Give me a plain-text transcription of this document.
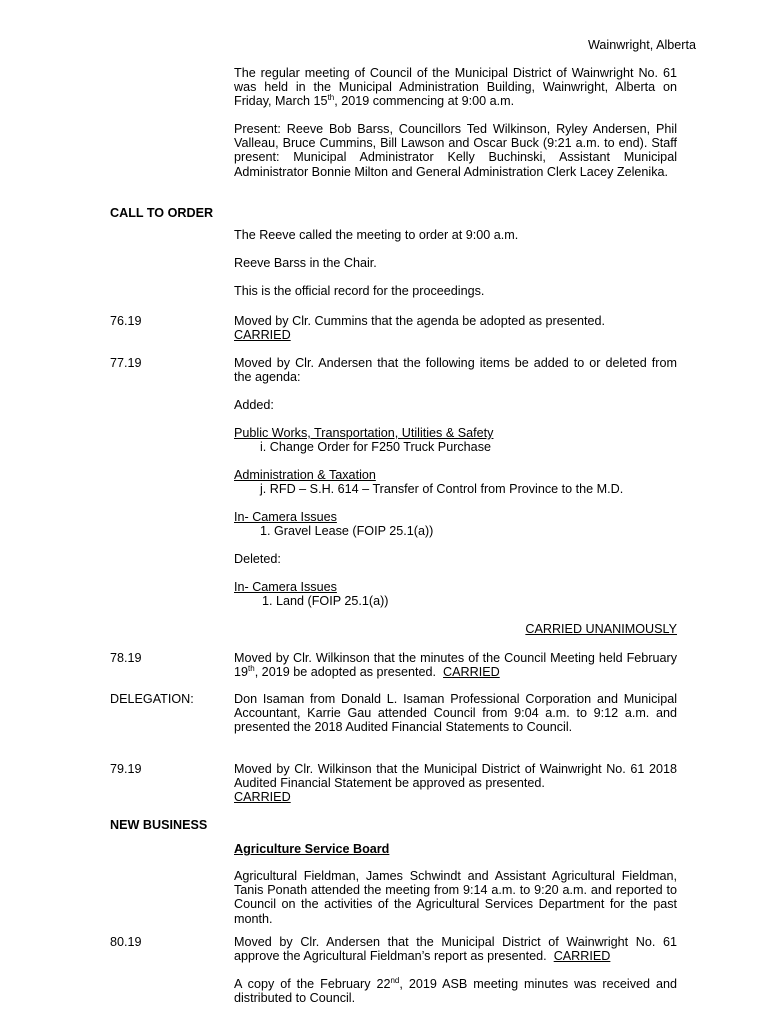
Wainwright, Alberta

The regular meeting of Council of the Municipal District of Wainwright No. 61 was held in the Municipal Administration Building, Wainwright, Alberta on Friday, March 15th, 2019 commencing at 9:00 a.m.

Present: Reeve Bob Barss, Councillors Ted Wilkinson, Ryley Andersen, Phil Valleau, Bruce Cummins, Bill Lawson and Oscar Buck (9:21 a.m. to end). Staff present: Municipal Administrator Kelly Buchinski, Assistant Municipal Administrator Bonnie Milton and General Administration Clerk Lacey Zelenika.

CALL TO ORDER
The Reeve called the meeting to order at 9:00 a.m.
Reeve Barss in the Chair.
This is the official record for the proceedings.
76.19	Moved by Clr. Cummins that the agenda be adopted as presented.
CARRIED

77.19	Moved by Clr. Andersen that the following items be added to or deleted from the agenda:

Added:
Public Works, Transportation, Utilities & Safety
i. Change Order for F250 Truck Purchase
Administration & Taxation
j. RFD – S.H. 614 – Transfer of Control from Province to the M.D.
In- Camera Issues
1. Gravel Lease (FOIP 25.1(a))
Deleted:
In- Camera Issues
1. Land (FOIP 25.1(a))
CARRIED UNANIMOUSLY
78.19	Moved by Clr. Wilkinson that the minutes of the Council Meeting held February 19th, 2019 be adopted as presented. CARRIED

DELEGATION:	Don Isaman from Donald L. Isaman Professional Corporation and Municipal Accountant, Karrie Gau attended Council from 9:04 a.m. to 9:12 a.m. and presented the 2018 Audited Financial Statements to Council.

79.19	Moved by Clr. Wilkinson that the Municipal District of Wainwright No. 61 2018 Audited Financial Statement be approved as presented.
CARRIED

NEW BUSINESS
Agriculture Service Board

Agricultural Fieldman, James Schwindt and Assistant Agricultural Fieldman, Tanis Ponath attended the meeting from 9:14 a.m. to 9:20 a.m. and reported to Council on the activities of the Agricultural Services Department for the past month.

80.19	Moved by Clr. Andersen that the Municipal District of Wainwright No. 61 approve the Agricultural Fieldman’s report as presented. CARRIED

A copy of the February 22nd, 2019 ASB meeting minutes was received and distributed to Council.
